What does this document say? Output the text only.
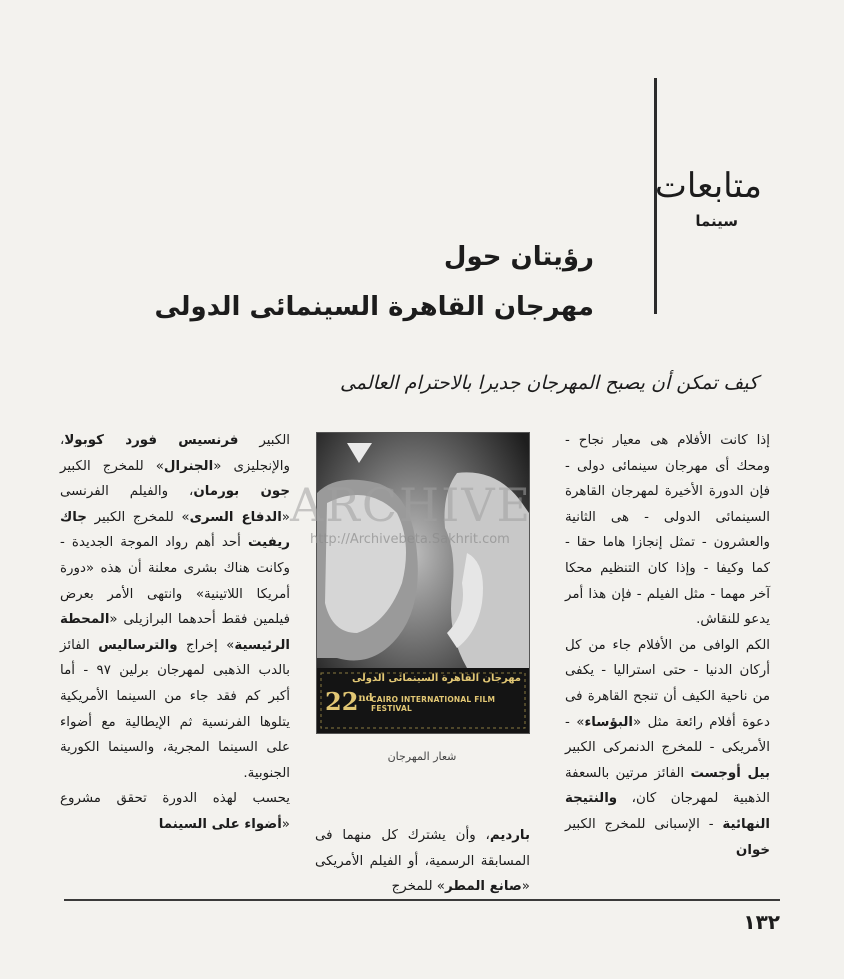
متابعات
سينما
رؤيتان حول
مهرجان القاهرة السينمائى الدولى
كيف تمكن أن يصبح المهرجان جديرا بالاحترام العالمى

إذا كانت الأفلام هى معيار نجاح - ومحك أى مهرجان سينمائى دولى - فإن الدورة الأخيرة لمهرجان القاهرة السينمائى الدولى - هى الثانية والعشرون - تمثل إنجازا هاما حقا - كما وكيفا - وإذا كان التنظيم محكا آخر مهما - مثل الفيلم - فإن هذا أمر يدعو للنقاش.

الكم الوافى من الأفلام جاء من كل أركان الدنيا - حتى استراليا - يكفى من ناحية الكيف أن تنجح القاهرة فى دعوة أفلام رائعة مثل «البؤساء» - الأمريكى - للمخرج الدنمركى الكبير بيل أوجست الفائز مرتين بالسعفة الذهبية لمهرجان كان، والنتيجة النهائية - الإسبانى للمخرج الكبير خوان

مهرجان القاهرة السينمائى الدولى
22nd
CAIRO INTERNATIONAL FILM FESTIVAL
شعار المهرجان
ARCHIVE
http://Archivebeta.Sakhrit.com

بارديم، وأن يشترك كل منهما فى المسابقة الرسمية، أو الفيلم الأمريكى «صانع المطر» للمخرج

الكبير فرنسيس فورد كوبولا، والإنجليزى «الجنرال» للمخرج الكبير جون بورمان، والفيلم الفرنسى «الدفاع السرى» للمخرج الكبير جاك ريفيت أحد أهم رواد الموجة الجديدة - وكانت هناك بشرى معلنة أن هذه «دورة أمريكا اللاتينية» وانتهى الأمر بعرض فيلمين فقط أحدهما البرازيلى «المحطة الرئيسية» إخراج والترساليس الفائز بالدب الذهبى لمهرجان برلين ٩٧ - أما أكبر كم فقد جاء من السينما الأمريكية يتلوها الفرنسية ثم الإيطالية مع أضواء على السينما المجرية، والسينما الكورية الجنوبية.

يحسب لهذه الدورة تحقق مشروع «أضواء على السينما

١٣٢
